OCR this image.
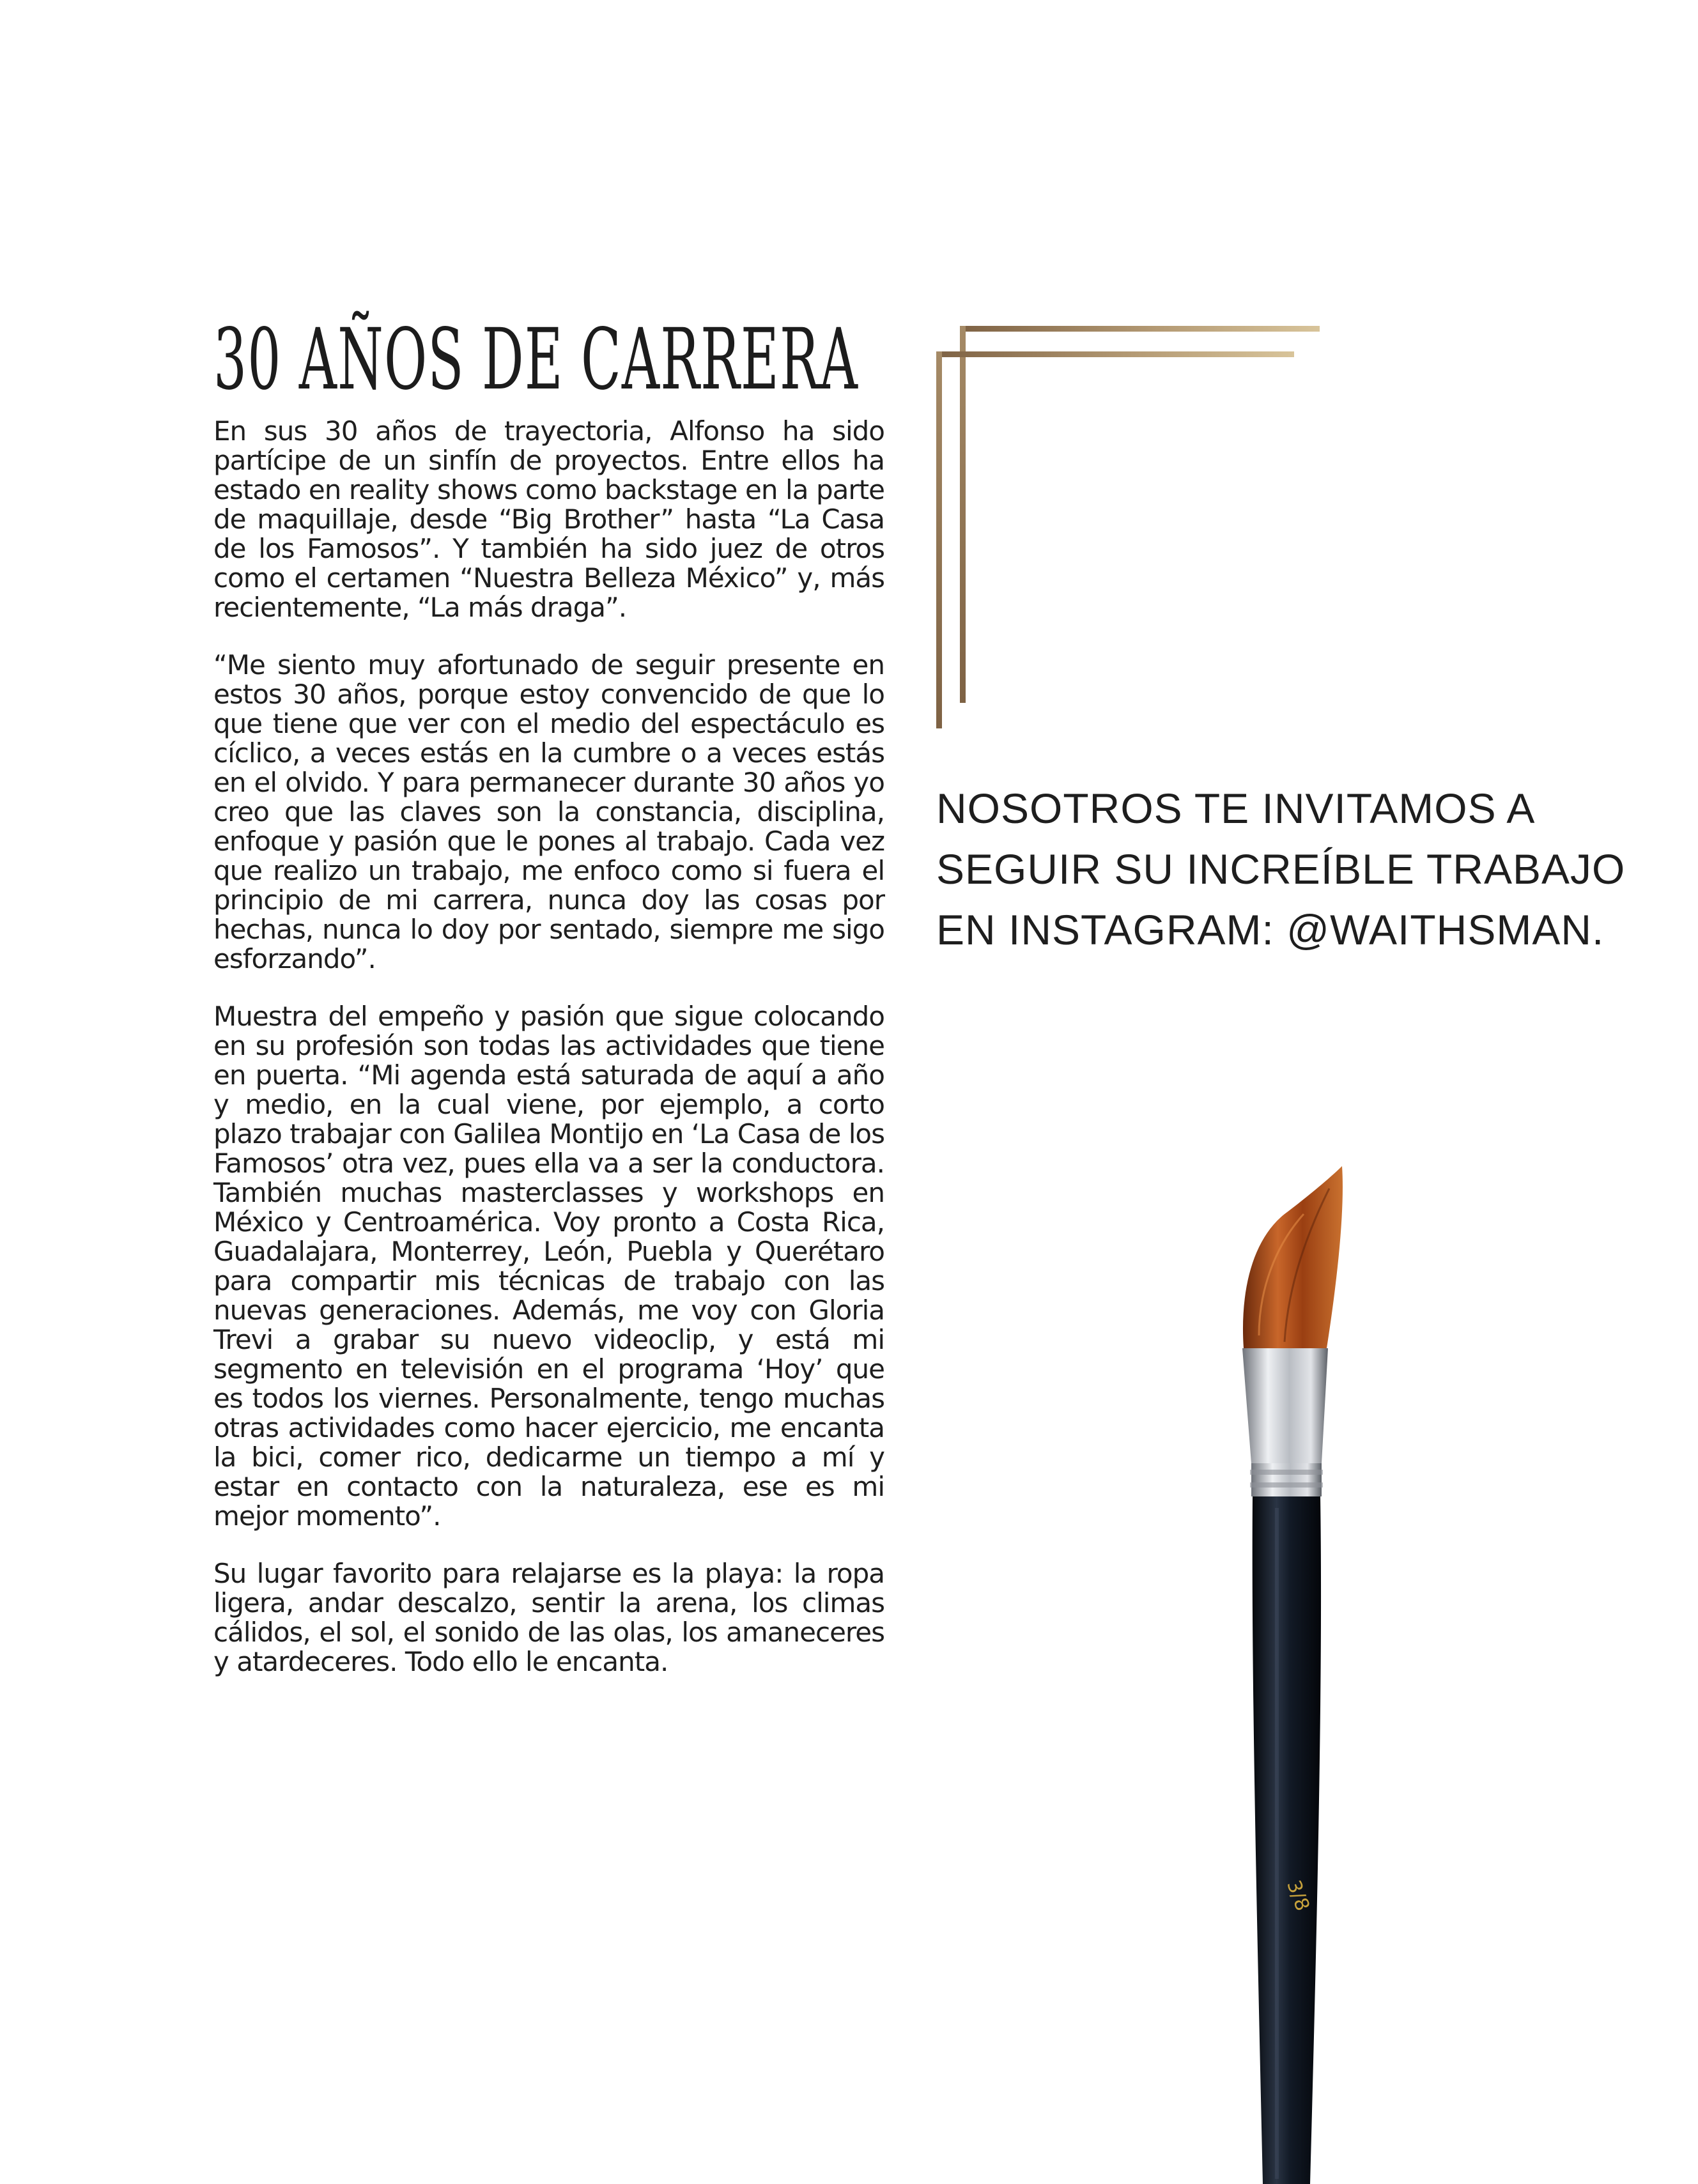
30 AÑOS DE CARRERA

En sus 30 años de trayectoria, Alfonso ha sido partícipe de un sinfín de proyectos. Entre ellos ha estado en reality shows como backstage en la parte de maquillaje, desde “Big Brother” hasta “La Casa de los Famosos”. Y también ha sido juez de otros como el certamen “Nuestra Belleza México” y, más recientemente, “La más draga”.

“Me siento muy afortunado de seguir presente en estos 30 años, porque estoy convencido de que lo que tiene que ver con el medio del espectáculo es cíclico, a veces estás en la cumbre o a veces estás en el olvido. Y para permanecer durante 30 años yo creo que las claves son la constancia, disciplina, enfoque y pasión que le pones al trabajo. Cada vez que realizo un trabajo, me enfoco como si fuera el principio de mi carrera, nunca doy las cosas por hechas, nunca lo doy por sentado, siempre me sigo esforzando”.

Muestra del empeño y pasión que sigue colocando en su profesión son todas las actividades que tiene en puerta. “Mi agenda está saturada de aquí a año y medio, en la cual viene, por ejemplo, a corto plazo trabajar con Galilea Montijo en ‘La Casa de los Famosos’ otra vez, pues ella va a ser la conductora. También muchas masterclasses y workshops en México y Centroamérica. Voy pronto a Costa Rica, Guadalajara, Monterrey, León, Puebla y Querétaro para compartir mis técnicas de trabajo con las nuevas generaciones. Además, me voy con Gloria Trevi a grabar su nuevo videoclip, y está mi segmento en televisión en el programa ‘Hoy’ que es todos los viernes. Personalmente, tengo muchas otras actividades como hacer ejercicio, me encanta la bici, comer rico, dedicarme un tiempo a mí y estar en contacto con la naturaleza, ese es mi mejor momento”.

Su lugar favorito para relajarse es la playa: la ropa ligera, andar descalzo, sentir la arena, los climas cálidos, el sol, el sonido de las olas, los amaneceres y atardeceres. Todo ello le encanta.

NOSOTROS TE INVITAMOS A SEGUIR SU INCREÍBLE TRABAJO EN INSTAGRAM: @WAITHSMAN.

3/8
